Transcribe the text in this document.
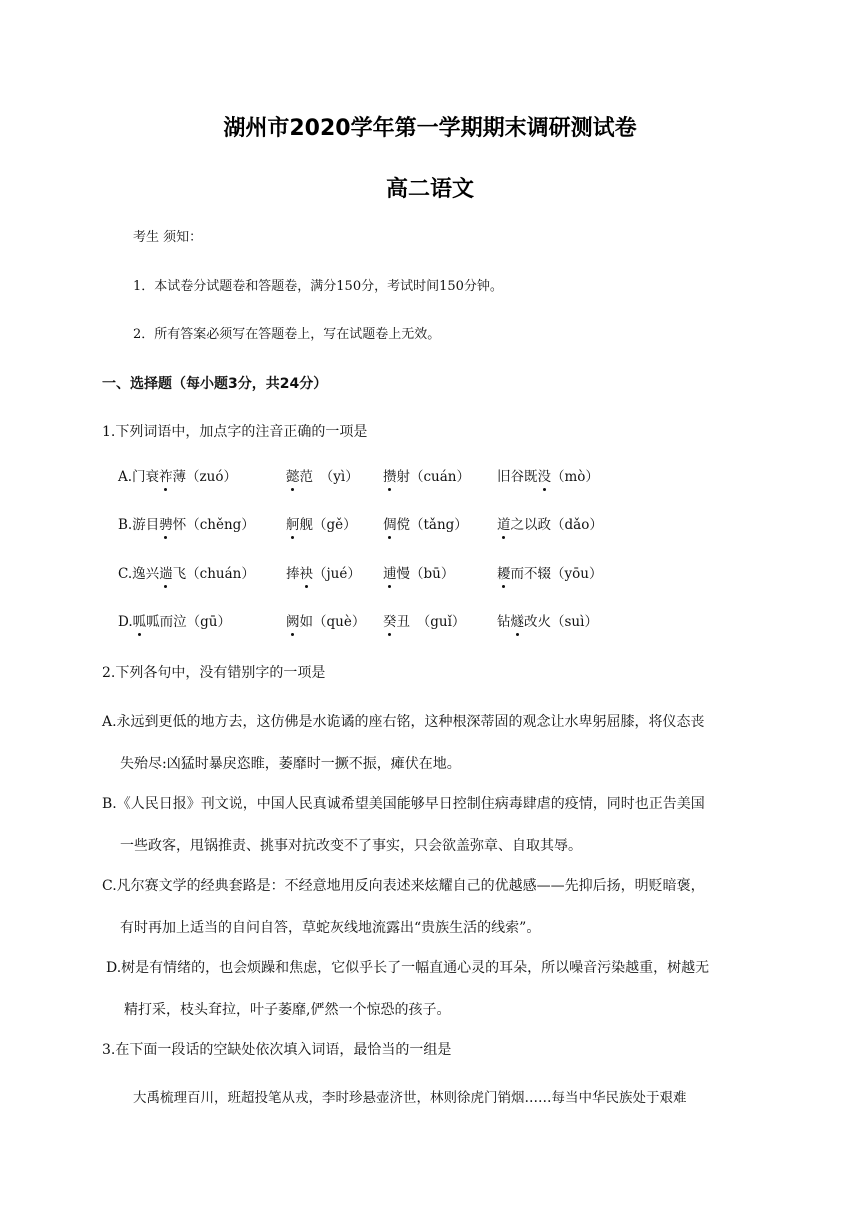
湖州市2020学年第一学期期末调研测试卷
高二语文
考生 须知：
1．本试卷分试题卷和答题卷，满分150分，考试时间150分钟。
2．所有答案必须写在答题卷上，写在试题卷上无效。
一、选择题（每小题3分，共24分）
1.下列词语中，加点字的注音正确的一项是
A.门衰祚薄（zuó）	懿范　（yì） 攒射（cuán） 旧谷既没（mò）
B.游目骋怀（chěng） 舸舰（gě） 倜傥（tǎng） 道之以政（dǎo）
C.逸兴遄飞（chuán） 捧袂（jué） 逋慢（bū）	耰而不辍（yōu）
D.呱呱而泣（gū）	阙如（què） 癸丑　（guǐ） 钻燧改火（suì）
2.下列各句中，没有错别字的一项是
A.永远到更低的地方去，这仿佛是水诡谲的座右铭，这种根深蒂固的观念让水卑躬屈膝，将仪态丧
失殆尽:凶猛时暴戾恣睢，萎靡时一撅不振，瘫伏在地。
B.《人民日报》刊文说，中国人民真诚希望美国能够早日控制住病毒肆虐的疫情，同时也正告美国
一些政客，甩锅推责、挑事对抗改变不了事实，只会欲盖弥章、自取其辱。
C.凡尔赛文学的经典套路是：不经意地用反向表述来炫耀自己的优越感——先抑后扬，明贬暗褒，
有时再加上适当的自问自答，草蛇灰线地流露出“贵族生活的线索”。
D.树是有情绪的，也会烦躁和焦虑，它似乎长了一幅直通心灵的耳朵，所以噪音污染越重，树越无
精打采，枝头耷拉，叶子萎靡,俨然一个惊恐的孩子。
3.在下面一段话的空缺处依次填入词语，最恰当的一组是
大禹梳理百川，班超投笔从戎，李时珍悬壶济世，林则徐虎门销烟……每当中华民族处于艰难
